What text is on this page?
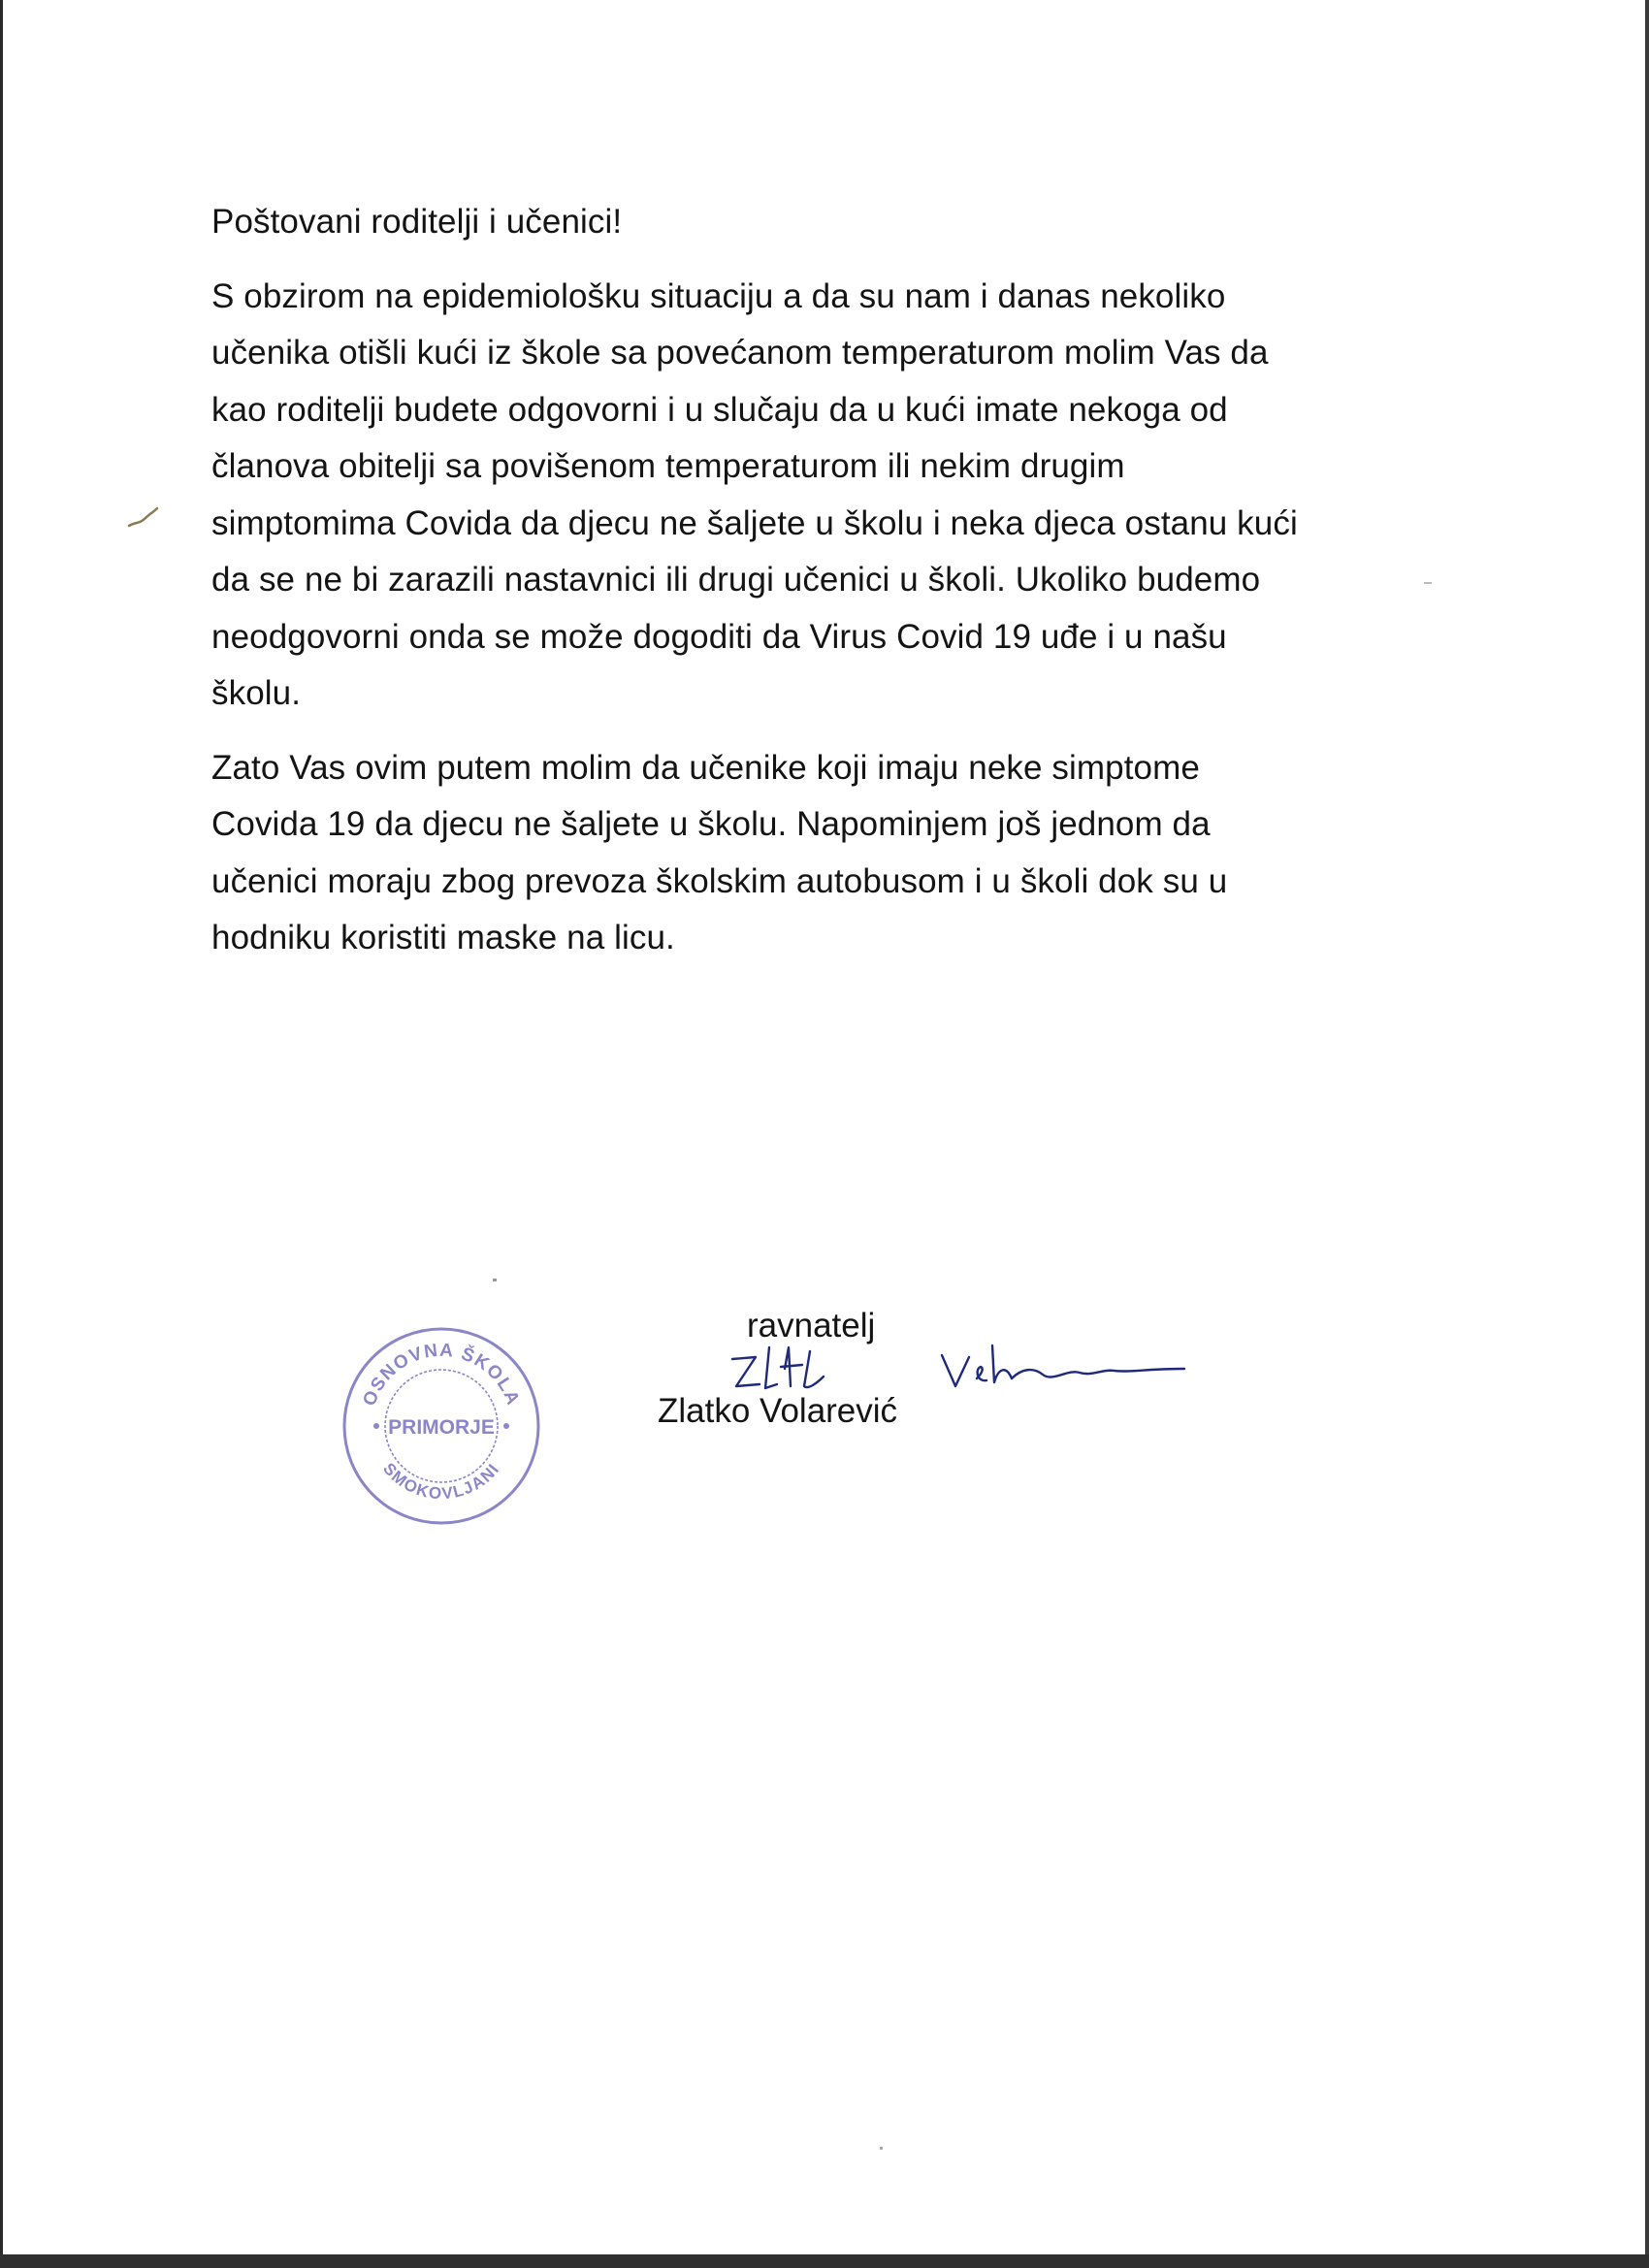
Poštovani roditelji i učenici!
S obzirom na epidemiološku situaciju a da su nam i danas nekoliko
učenika otišli kući iz škole sa povećanom temperaturom molim Vas da
kao roditelji budete odgovorni i u slučaju da u kući imate nekoga od
članova obitelji sa povišenom temperaturom ili nekim drugim
simptomima Covida da djecu ne šaljete u školu i neka djeca ostanu kući
da se ne bi zarazili nastavnici ili drugi učenici u školi. Ukoliko budemo
neodgovorni onda se može dogoditi da Virus Covid 19 uđe i u našu
školu.
Zato Vas ovim putem molim da učenike koji imaju neke simptome
Covida 19 da djecu ne šaljete u školu. Napominjem još jednom da
učenici moraju zbog prevoza školskim autobusom i u školi dok su u
hodniku koristiti maske na licu.
OSNOVNA ŠKOLA
PRIMORJE
SMOKOVLJANI
ravnatelj
Zlatko Volarević
